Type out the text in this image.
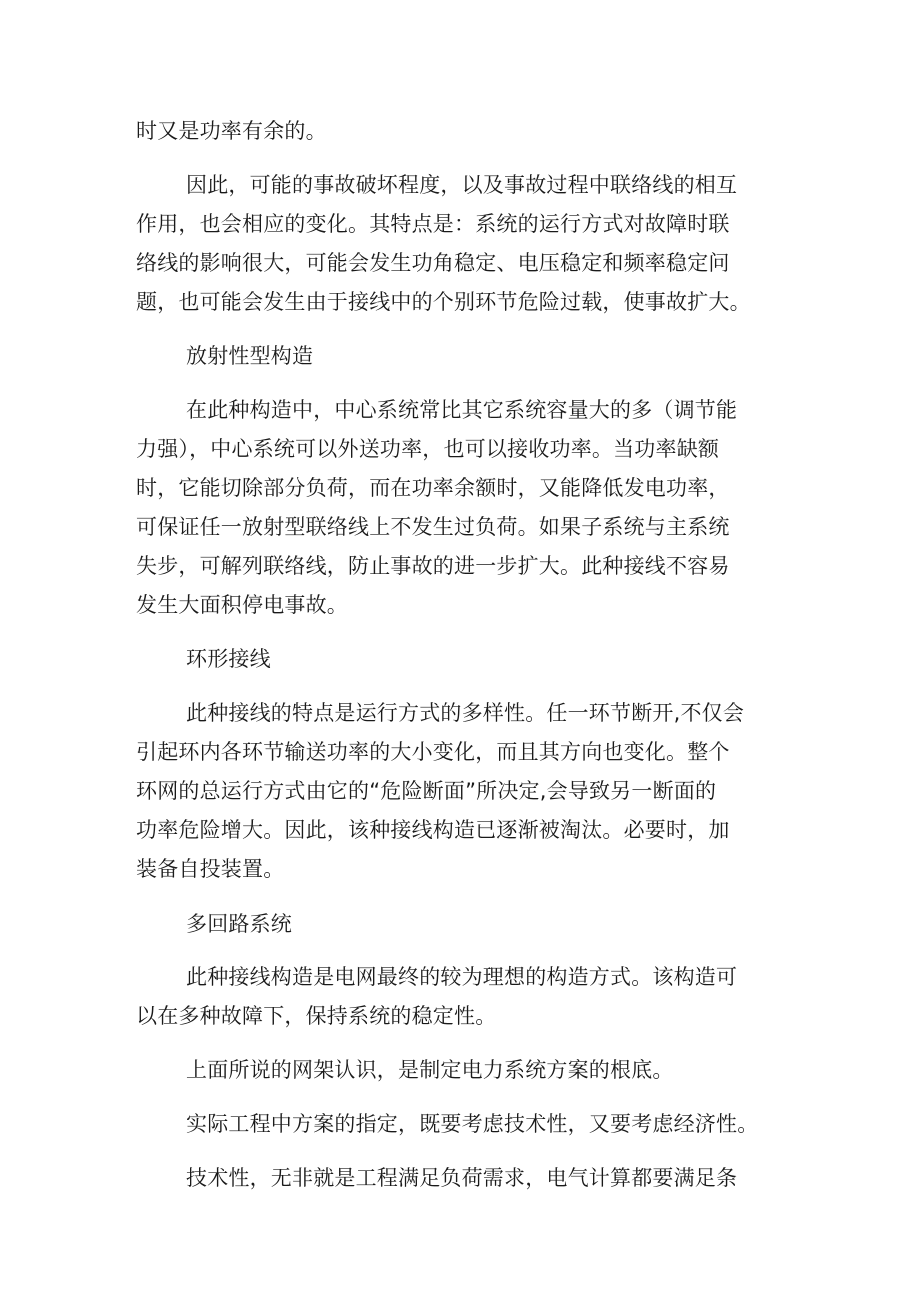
时又是功率有余的。
因此，可能的事故破坏程度，以及事故过程中联络线的相互
作用，也会相应的变化。其特点是：系统的运行方式对故障时联
络线的影响很大，可能会发生功角稳定、电压稳定和频率稳定问
题，也可能会发生由于接线中的个别环节危险过载，使事故扩大。
放射性型构造
在此种构造中，中心系统常比其它系统容量大的多（调节能
力强），中心系统可以外送功率，也可以接收功率。当功率缺额
时，它能切除部分负荷，而在功率余额时，又能降低发电功率，
可保证任一放射型联络线上不发生过负荷。如果子系统与主系统
失步，可解列联络线，防止事故的进一步扩大。此种接线不容易
发生大面积停电事故。
环形接线
此种接线的特点是运行方式的多样性。任一环节断开,不仅会
引起环内各环节输送功率的大小变化，而且其方向也变化。整个
环网的总运行方式由它的“危险断面”所决定,会导致另一断面的
功率危险增大。因此，该种接线构造已逐渐被淘汰。必要时，加
装备自投装置。
多回路系统
此种接线构造是电网最终的较为理想的构造方式。该构造可
以在多种故障下，保持系统的稳定性。
上面所说的网架认识，是制定电力系统方案的根底。
实际工程中方案的指定，既要考虑技术性，又要考虑经济性。
技术性，无非就是工程满足负荷需求，电气计算都要满足条
